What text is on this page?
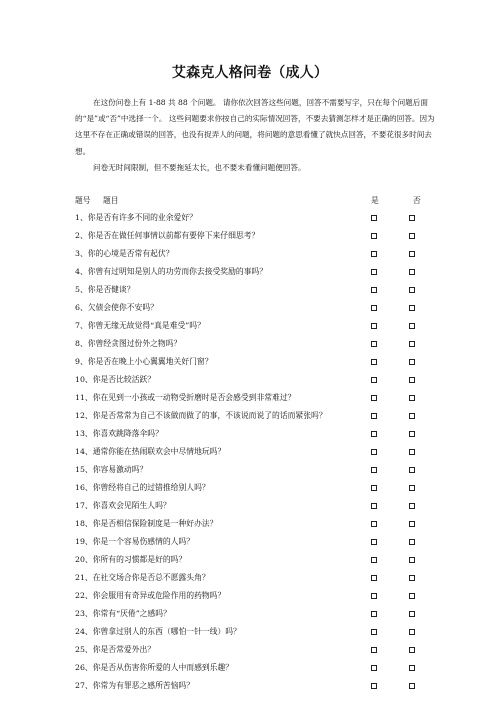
艾森克人格问卷（成人）

在这份问卷上有 1-88 共 88 个问题。 请你依次回答这些问题，回答不需要写字，只在每个问题后面的“是”或“否”中选择一个。 这些问题要求你按自己的实际情况回答，不要去猜测怎样才是正确的回答。因为这里不存在正确或错误的回答，也没有捉弄人的问题，将问题的意思看懂了就快点回答，不要花很多时间去想。

问卷无时间限制，但不要拖延太长，也不要未看懂问题便回答。

题号 题目	是	否
1、你是否有许多不同的业余爱好？
2、你是否在做任何事情以前都有要停下来仔细思考？
3、你的心境是否常有起伏？
4、你曾有过明知是别人的功劳而你去接受奖励的事吗？
5、你是否健谈？
6、欠债会使你不安吗？
7、你曾无缘无故觉得“真是难受”吗？
8、你曾经贪图过份外之物吗？
9、你是否在晚上小心翼翼地关好门窗？
10、你是否比较活跃？
11、你在见到一小孩或一动物受折磨时是否会感受到非常难过？
12、你是否常常为自己不该做而做了的事，不该说而说了的话而紧张吗？
13、你喜欢跳降落伞吗？
14、通常你能在热闹联欢会中尽情地玩吗？
15、你容易激动吗？
16、你曾经将自己的过错推给别人吗？
17、你喜欢会见陌生人吗？
18、你是否相信保险制度是一种好办法？
19、你是一个容易伤感情的人吗？
20、你所有的习惯都是好的吗？
21、在社交场合你是否总不愿露头角？
22、你会服用有奇异或危险作用的药物吗？
23、你常有“厌倦”之感吗？
24、你曾拿过别人的东西（哪怕一针一线）吗？
25、你是否常爱外出？
26、你是否从伤害你所爱的人中而感到乐趣？
27、你常为有罪恶之感所苦恼吗？
